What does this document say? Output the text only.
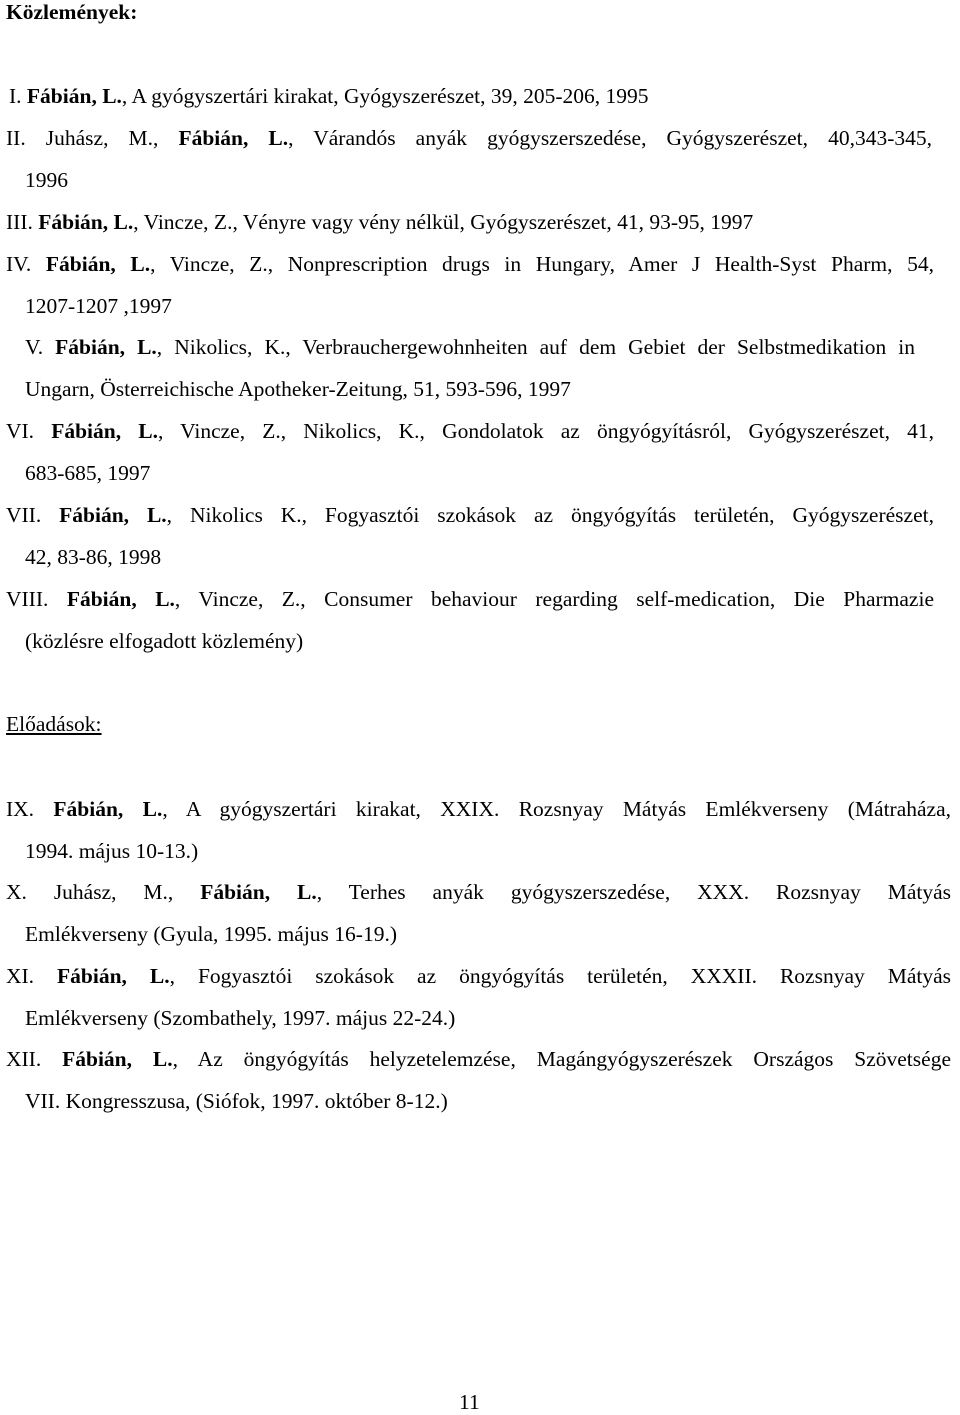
Közlemények:
Előadások:
11
I. Fábián, L., A gyógyszertári kirakat, Gyógyszerészet, 39, 205-206, 1995
II. Juhász, M., Fábián, L., Várandós anyák gyógyszerszedése, Gyógyszerészet, 40,343-345,
1996
III. Fábián, L., Vincze, Z., Vényre vagy vény nélkül, Gyógyszerészet, 41, 93-95, 1997
IV. Fábián, L., Vincze, Z., Nonprescription drugs in Hungary, Amer J Health-Syst Pharm, 54,
1207-1207 ,1997
V. Fábián, L., Nikolics, K., Verbrauchergewohnheiten auf dem Gebiet der Selbstmedikation in
Ungarn, Österreichische Apotheker-Zeitung, 51, 593-596, 1997
VI. Fábián, L., Vincze, Z., Nikolics, K., Gondolatok az öngyógyításról, Gyógyszerészet, 41,
683-685, 1997
VII. Fábián, L., Nikolics K., Fogyasztói szokások az öngyógyítás területén, Gyógyszerészet,
42, 83-86, 1998
VIII. Fábián, L., Vincze, Z., Consumer behaviour regarding self-medication, Die Pharmazie
(közlésre elfogadott közlemény)
IX. Fábián, L., A gyógyszertári kirakat, XXIX. Rozsnyay Mátyás Emlékverseny (Mátraháza,
1994. május 10-13.)
X. Juhász, M., Fábián, L., Terhes anyák gyógyszerszedése, XXX. Rozsnyay Mátyás
Emlékverseny (Gyula, 1995. május 16-19.)
XI. Fábián, L., Fogyasztói szokások az öngyógyítás területén, XXXII. Rozsnyay Mátyás
Emlékverseny (Szombathely, 1997. május 22-24.)
XII. Fábián, L., Az öngyógyítás helyzetelemzése, Magángyógyszerészek Országos Szövetsége
VII. Kongresszusa, (Siófok, 1997. október 8-12.)
